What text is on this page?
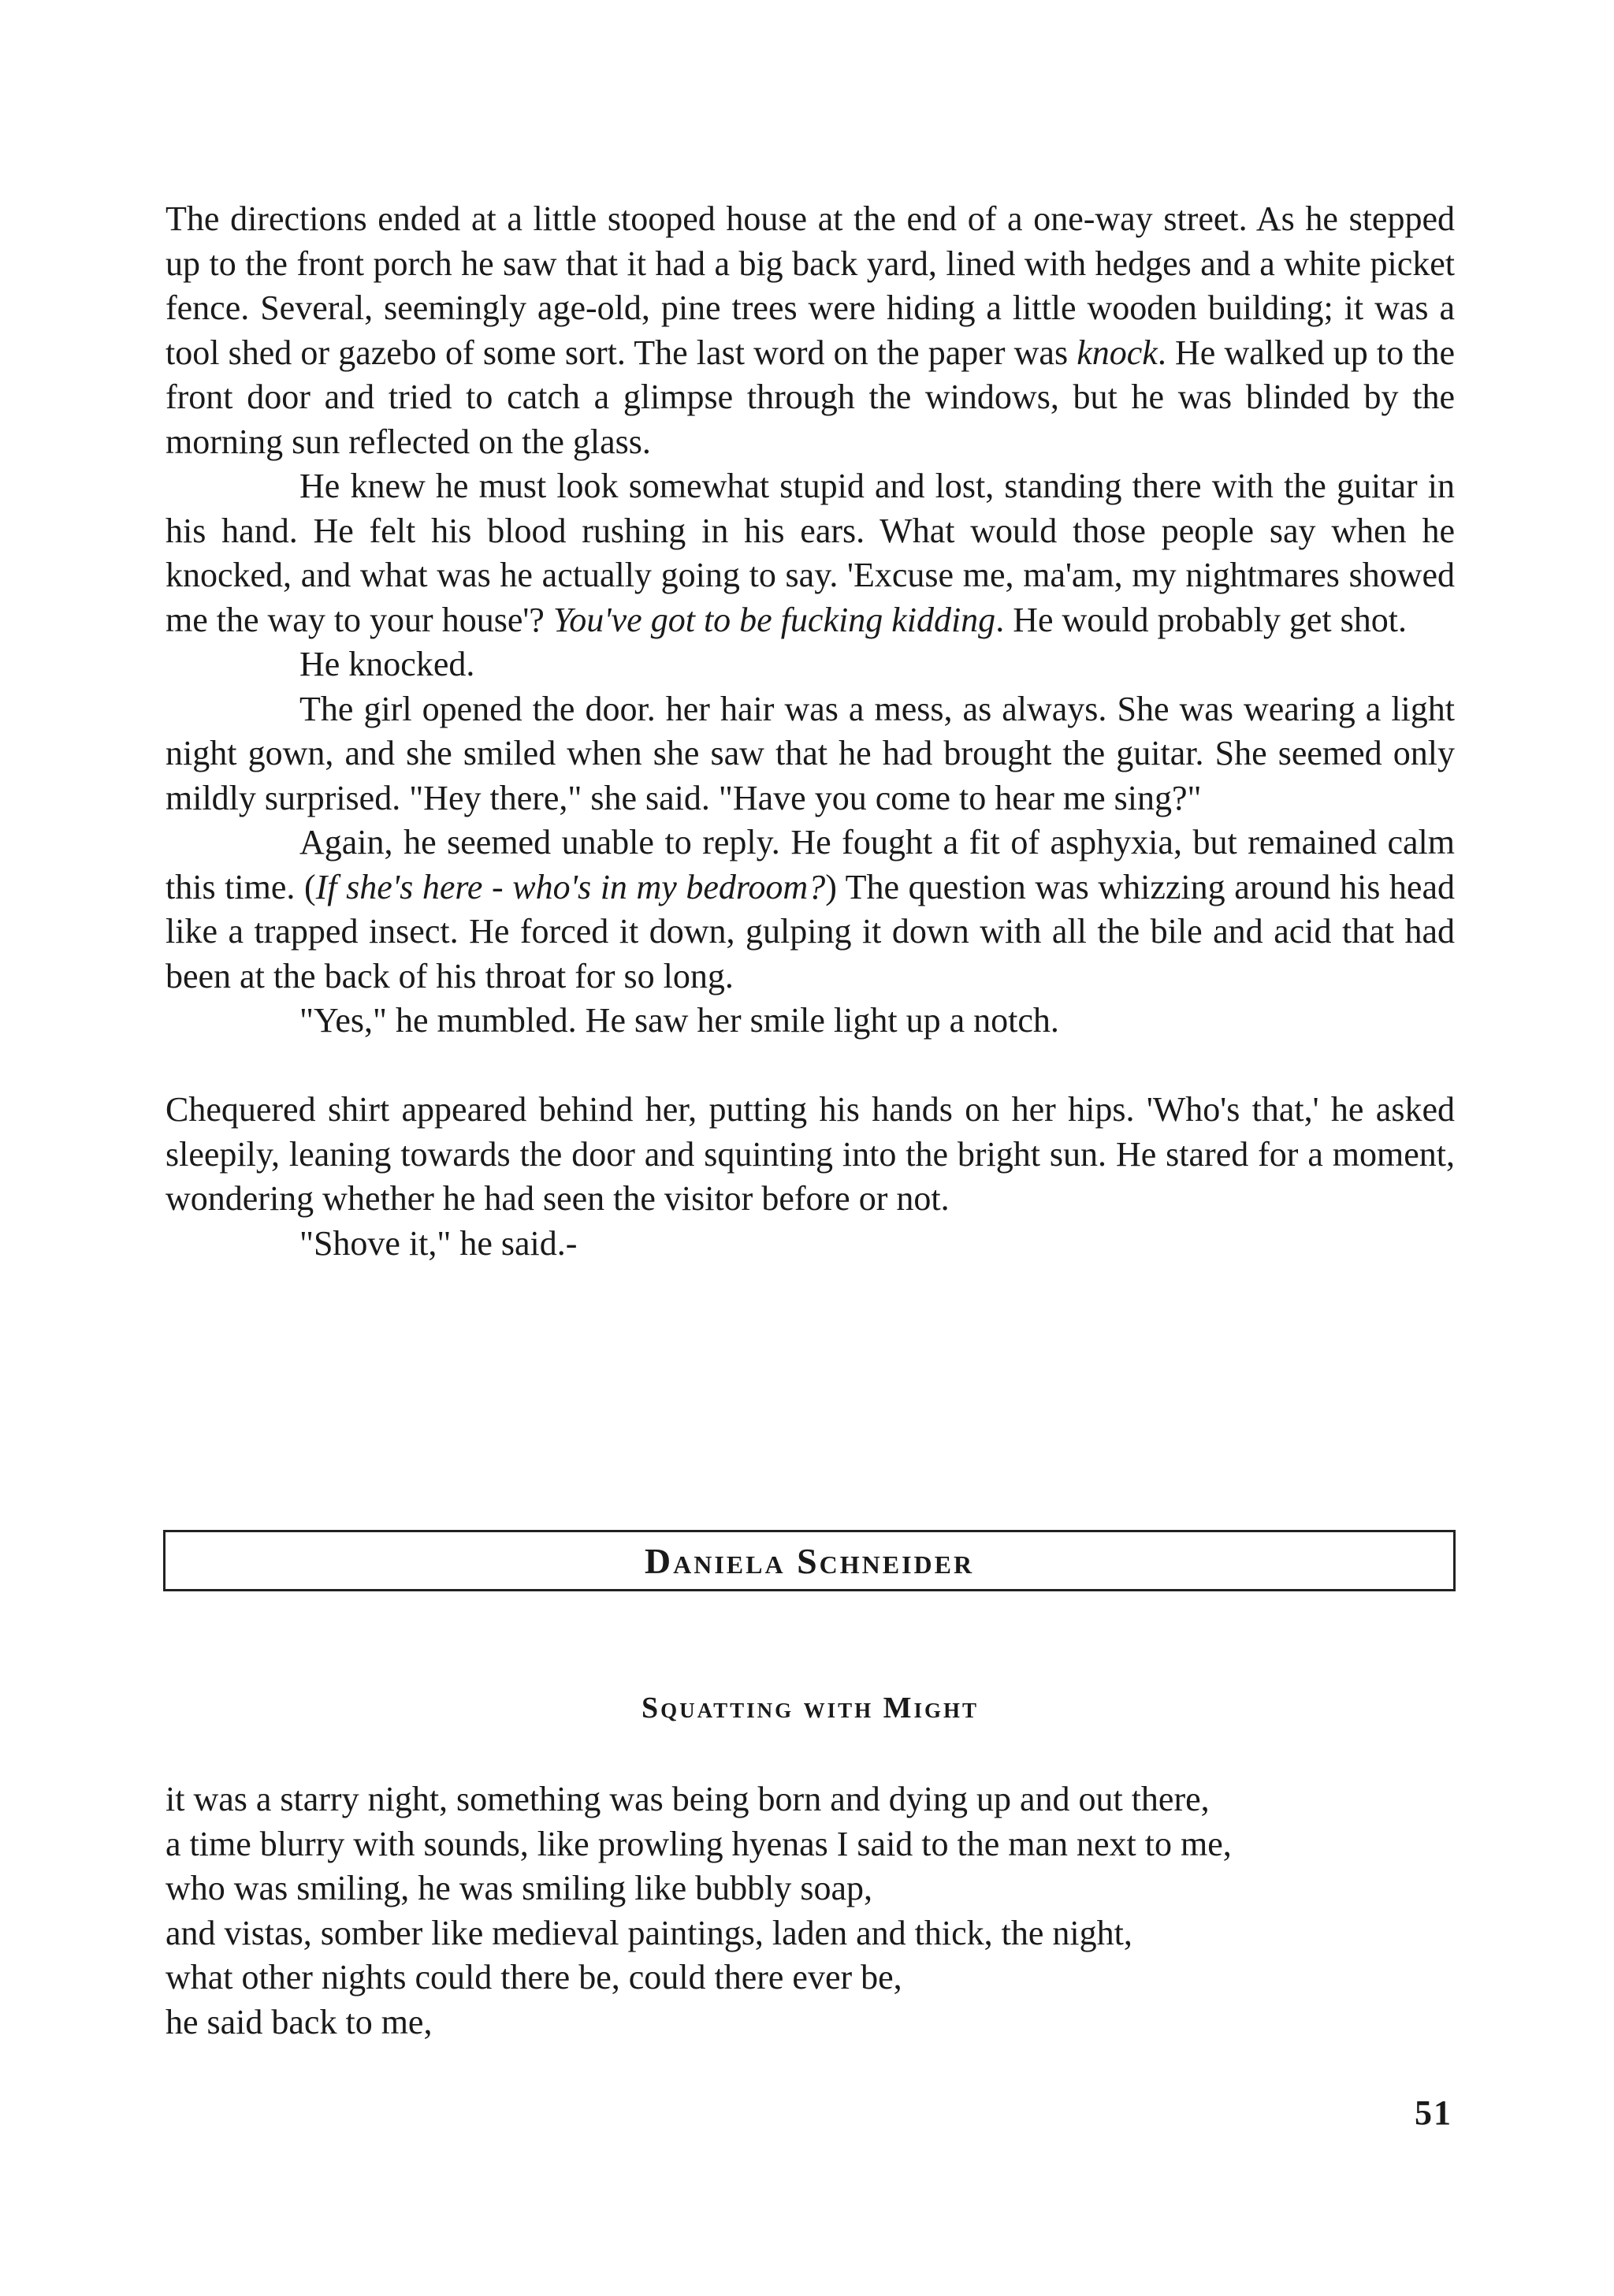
The directions ended at a little stooped house at the end of a one-way street. As he stepped up to the front porch he saw that it had a big back yard, lined with hedges and a white picket fence. Several, seemingly age-old, pine trees were hiding a little wooden building; it was a tool shed or gazebo of some sort. The last word on the paper was knock. He walked up to the front door and tried to catch a glimpse through the windows, but he was blinded by the morning sun reflected on the glass.

He knew he must look somewhat stupid and lost, standing there with the guitar in his hand. He felt his blood rushing in his ears. What would those people say when he knocked, and what was he actually going to say. 'Excuse me, ma'am, my nightmares showed me the way to your house'? You've got to be fucking kidding. He would probably get shot.

He knocked.

The girl opened the door. her hair was a mess, as always. She was wearing a light night gown, and she smiled when she saw that he had brought the guitar. She seemed only mildly surprised. "Hey there," she said. "Have you come to hear me sing?"

Again, he seemed unable to reply. He fought a fit of asphyxia, but remained calm this time. (If she's here - who's in my bedroom?) The question was whizzing around his head like a trapped insect. He forced it down, gulping it down with all the bile and acid that had been at the back of his throat for so long.

"Yes," he mumbled. He saw her smile light up a notch.

Chequered shirt appeared behind her, putting his hands on her hips. 'Who's that,' he asked sleepily, leaning towards the door and squinting into the bright sun. He stared for a moment, wondering whether he had seen the visitor before or not.

"Shove it," he said.-

Daniela Schneider
Squatting with Might
it was a starry night, something was being born and dying up and out there,
a time blurry with sounds, like prowling hyenas I said to the man next to me,
who was smiling, he was smiling like bubbly soap,
and vistas, somber like medieval paintings, laden and thick, the night,
what other nights could there be, could there ever be,
he said back to me,
51
